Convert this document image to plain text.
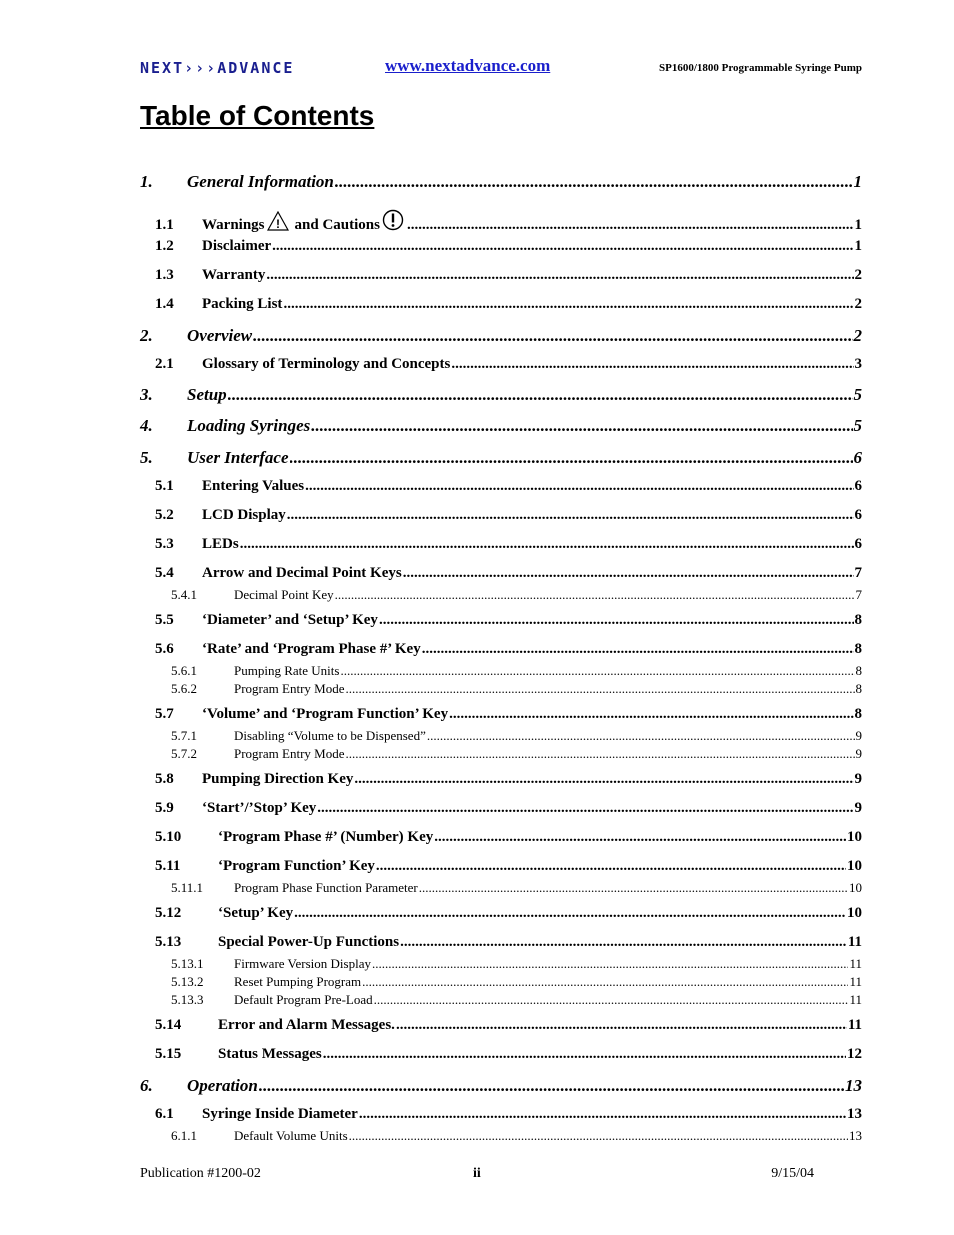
NEXT›››ADVANCE	www.nextadvance.com	SP1600/1800 Programmable Syringe Pump
Table of Contents
1.	General Information .....	1
1.1	Warnings ! and Cautions .....	1
1.2	Disclaimer .....	1
1.3	Warranty .....	2
1.4	Packing List .....	2
2.	Overview .....	2
2.1	Glossary of Terminology and Concepts .....	3
3.	Setup .....	5
4.	Loading Syringes .....	5
5.	User Interface .....	6
5.1	Entering Values .....	6
5.2	LCD Display .....	6
5.3	LEDs .....	6
5.4	Arrow and Decimal Point Keys .....	7
5.4.1	Decimal Point Key .....	7
5.5	‘Diameter’ and ‘Setup’ Key .....	8
5.6	‘Rate’ and ‘Program Phase #’ Key .....	8
5.6.1	Pumping Rate Units .....	8
5.6.2	Program Entry Mode .....	8
5.7	‘Volume’ and ‘Program Function’ Key .....	8
5.7.1	Disabling “Volume to be Dispensed” .....	9
5.7.2	Program Entry Mode .....	9
5.8	Pumping Direction Key .....	9
5.9	‘Start’/’Stop’ Key .....	9
5.10	‘Program Phase #’ (Number) Key .....	10
5.11	‘Program Function’ Key .....	10
5.11.1	Program Phase Function Parameter .....	10
5.12	‘Setup’ Key .....	10
5.13	Special Power-Up Functions .....	11
5.13.1	Firmware Version Display .....	11
5.13.2	Reset Pumping Program .....	11
5.13.3	Default Program Pre-Load .....	11
5.14	Error and Alarm Messages. .....	11
5.15	Status Messages .....	12
6.	Operation .....	13
6.1	Syringe Inside Diameter .....	13
6.1.1	Default Volume Units .....	13
Publication #1200-02	ii	9/15/04
